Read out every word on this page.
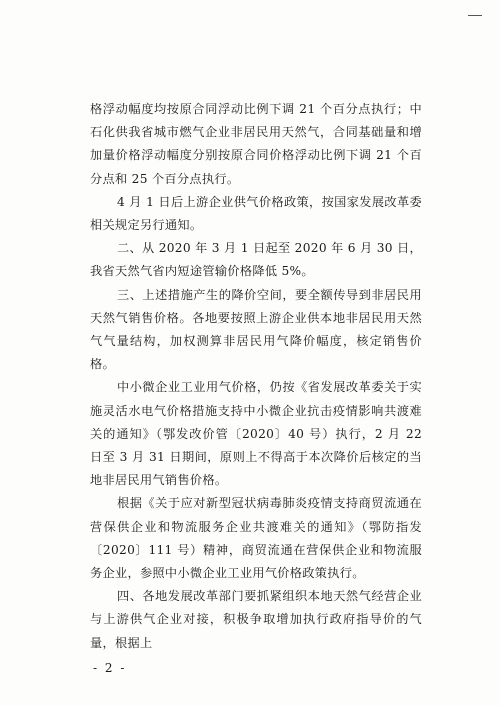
格浮动幅度均按原合同浮动比例下调 21 个百分点执行；中石化供我省城市燃气企业非居民用天然气，合同基础量和增加量价格浮动幅度分别按原合同价格浮动比例下调 21 个百分点和 25 个百分点执行。

4 月 1 日后上游企业供气价格政策，按国家发展改革委相关规定另行通知。

二、从 2020 年 3 月 1 日起至 2020 年 6 月 30 日，我省天然气省内短途管输价格降低 5%。

三、上述措施产生的降价空间，要全额传导到非居民用天然气销售价格。各地要按照上游企业供本地非居民用天然气气量结构，加权测算非居民用气降价幅度，核定销售价格。

中小微企业工业用气价格，仍按《省发展改革委关于实施灵活水电气价格措施支持中小微企业抗击疫情影响共渡难关的通知》（鄂发改价管〔2020〕40 号）执行，2 月 22 日至 3 月 31 日期间，原则上不得高于本次降价后核定的当地非居民用气销售价格。

根据《关于应对新型冠状病毒肺炎疫情支持商贸流通在营保供企业和物流服务企业共渡难关的通知》（鄂防指发〔2020〕111 号）精神，商贸流通在营保供企业和物流服务企业，参照中小微企业工业用气价格政策执行。

四、各地发展改革部门要抓紧组织本地天然气经营企业与上游供气企业对接，积极争取增加执行政府指导价的气量，根据上

- 2 -
